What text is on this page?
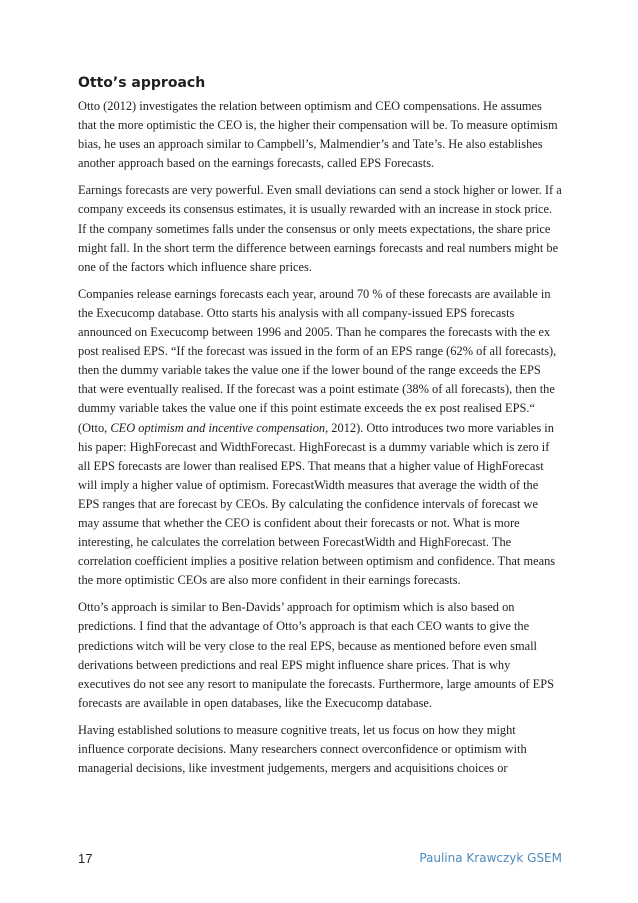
Otto’s approach

Otto (2012) investigates the relation between optimism and CEO compensations. He assumes that the more optimistic the CEO is, the higher their compensation will be. To measure optimism bias, he uses an approach similar to Campbell’s, Malmendier’s and Tate’s. He also establishes another approach based on the earnings forecasts, called EPS Forecasts.

Earnings forecasts are very powerful. Even small deviations can send a stock higher or lower. If a company exceeds its consensus estimates, it is usually rewarded with an increase in stock price. If the company sometimes falls under the consensus or only meets expectations, the share price might fall. In the short term the difference between earnings forecasts and real numbers might be one of the factors which influence share prices.

Companies release earnings forecasts each year, around 70 % of these forecasts are available in the Execucomp database. Otto starts his analysis with all company-issued EPS forecasts announced on Execucomp between 1996 and 2005. Than he compares the forecasts with the ex post realised EPS. “If the forecast was issued in the form of an EPS range (62% of all forecasts), then the dummy variable takes the value one if the lower bound of the range exceeds the EPS that were eventually realised. If the forecast was a point estimate (38% of all forecasts), then the dummy variable takes the value one if this point estimate exceeds the ex post realised EPS.“ (Otto, CEO optimism and incentive compensation, 2012). Otto introduces two more variables in his paper: HighForecast and WidthForecast. HighForecast is a dummy variable which is zero if all EPS forecasts are lower than realised EPS. That means that a higher value of HighForecast will imply a higher value of optimism. ForecastWidth measures that average the width of the EPS ranges that are forecast by CEOs. By calculating the confidence intervals of forecast we may assume that whether the CEO is confident about their forecasts or not. What is more interesting, he calculates the correlation between ForecastWidth and HighForecast. The correlation coefficient implies a positive relation between optimism and confidence. That means the more optimistic CEOs are also more confident in their earnings forecasts.

Otto’s approach is similar to Ben-Davids’ approach for optimism which is also based on predictions. I find that the advantage of Otto’s approach is that each CEO wants to give the predictions witch will be very close to the real EPS, because as mentioned before even small derivations between predictions and real EPS might influence share prices. That is why executives do not see any resort to manipulate the forecasts. Furthermore, large amounts of EPS forecasts are available in open databases, like the Execucomp database.

Having established solutions to measure cognitive treats, let us focus on how they might influence corporate decisions. Many researchers connect overconfidence or optimism with managerial decisions, like investment judgements, mergers and acquisitions choices or

17	Paulina Krawczyk GSEM
